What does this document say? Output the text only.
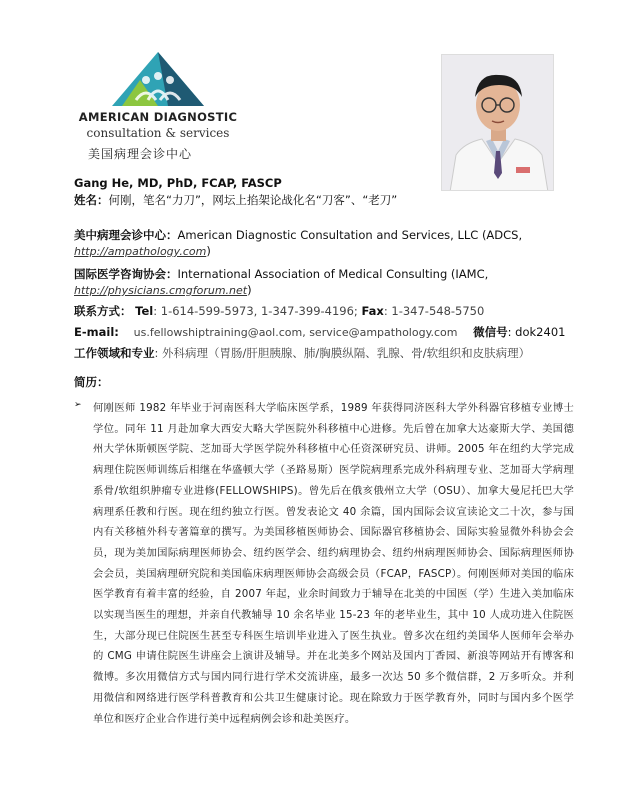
AMERICAN DIAGNOSTIC
consultation & services
美国病理会诊中心
Gang He, MD, PhD, FCAP, FASCP
姓名：何刚，笔名“力刀”，网坛上掐架论战化名“刀客”、“老刀”
美中病理会诊中心：American Diagnostic Consultation and Services, LLC (ADCS,
http://ampathology.com)
国际医学咨询协会：International Association of Medical Consulting (IAMC,
http://physicians.cmgforum.net)
联系方式： Tel: 1-614-599-5973, 1-347-399-4196; Fax: 1-347-548-5750
E-mail: us.fellowshiptraining@aol.com, service@ampathology.com 微信号: dok2401
工作领域和专业: 外科病理（胃肠/肝胆胰腺、肺/胸膜纵隔、乳腺、骨/软组织和皮肤病理）
简历：
➢ 何刚医师 1982 年毕业于河南医科大学临床医学系，1989 年获得同济医科大学外科器官移植专业博士学位。同年 11 月赴加拿大西安大略大学医院外科移植中心进修。先后曾在加拿大达豪斯大学、美国德州大学休斯顿医学院、芝加哥大学医学院外科移植中心任资深研究员、讲师。2005 年在纽约大学完成病理住院医师训练后相继在华盛顿大学（圣路易斯）医学院病理系完成外科病理专业、芝加哥大学病理系骨/软组织肿瘤专业进修(FELLOWSHIPS)。曾先后在俄亥俄州立大学（OSU）、加拿大曼尼托巴大学病理系任教和行医。现在纽约独立行医。曾发表论文 40 余篇，国内国际会议宣读论文二十次，参与国内有关移植外科专著篇章的撰写。为美国移植医师协会、国际器官移植协会、国际实验显微外科协会会员，现为美加国际病理医师协会、纽约医学会、纽约病理协会、纽约州病理医师协会、国际病理医师协会会员，美国病理研究院和美国临床病理医师协会高级会员（FCAP，FASCP）。何刚医师对美国的临床医学教育有着丰富的经验，自 2007 年起，业余时间致力于辅导在北美的中国医（学）生进入美加临床以实现当医生的理想，并亲自代教辅导 10 余名毕业 15-23 年的老毕业生，其中 10 人成功进入住院医生，大部分现已住院医生甚至专科医生培训毕业进入了医生执业。曾多次在纽约美国华人医师年会举办的 CMG 申请住院医生讲座会上演讲及辅导。并在北美多个网站及国内丁香园、新浪等网站开有博客和微博。多次用微信方式与国内同行进行学术交流讲座，最多一次达 50 多个微信群，2 万多听众。并利用微信和网络进行医学科普教育和公共卫生健康讨论。现在除致力于医学教育外，同时与国内多个医学单位和医疗企业合作进行美中远程病例会诊和赴美医疗。
